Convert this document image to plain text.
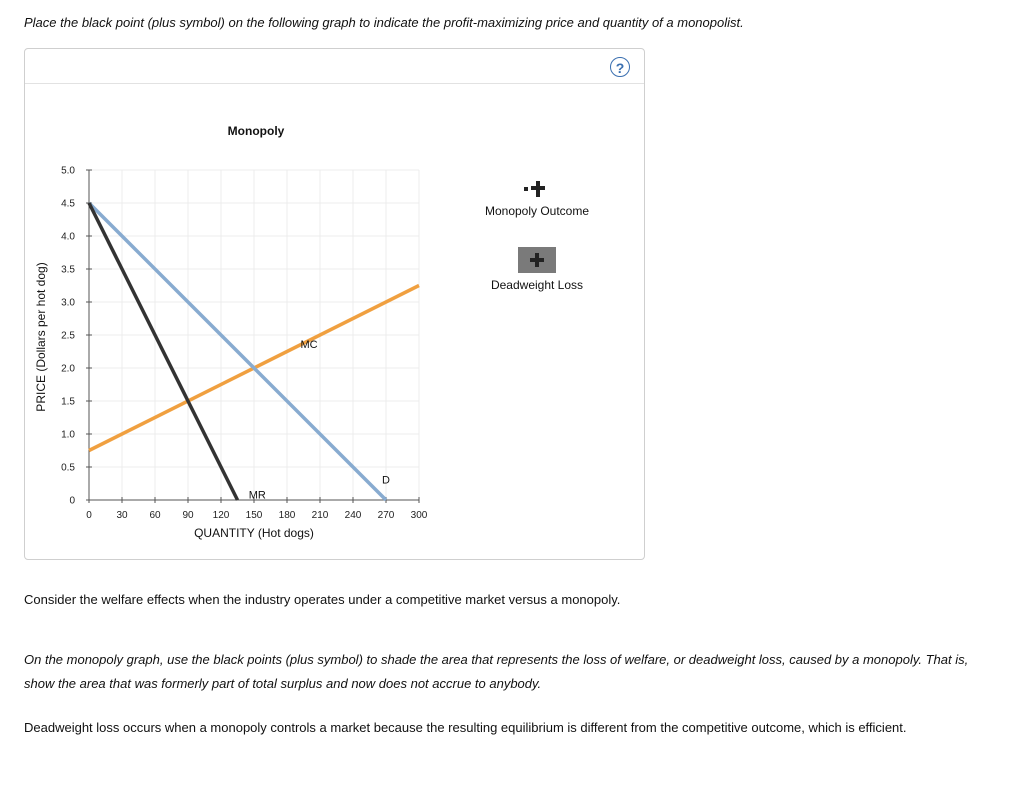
Place the black point (plus symbol) on the following graph to indicate the profit-maximizing price and quantity of a monopolist.
?
0 30 60 90 120 150 180 210 240 270 300
0
0.5
1.0
1.5
2.0
2.5
3.0
3.5
4.0
4.5
5.0
Monopoly
QUANTITY (Hot dogs)
PRICE (Dollars per hot dog)	MC
D
MR
Monopoly Outcome
Deadweight Loss
Consider the welfare effects when the industry operates under a competitive market versus a monopoly.
On the monopoly graph, use the black points (plus symbol) to shade the area that represents the loss of welfare, or deadweight loss, caused by a monopoly. That is, show the area that was formerly part of total surplus and now does not accrue to anybody.
Deadweight loss occurs when a monopoly controls a market because the resulting equilibrium is different from the competitive outcome, which is efficient.
